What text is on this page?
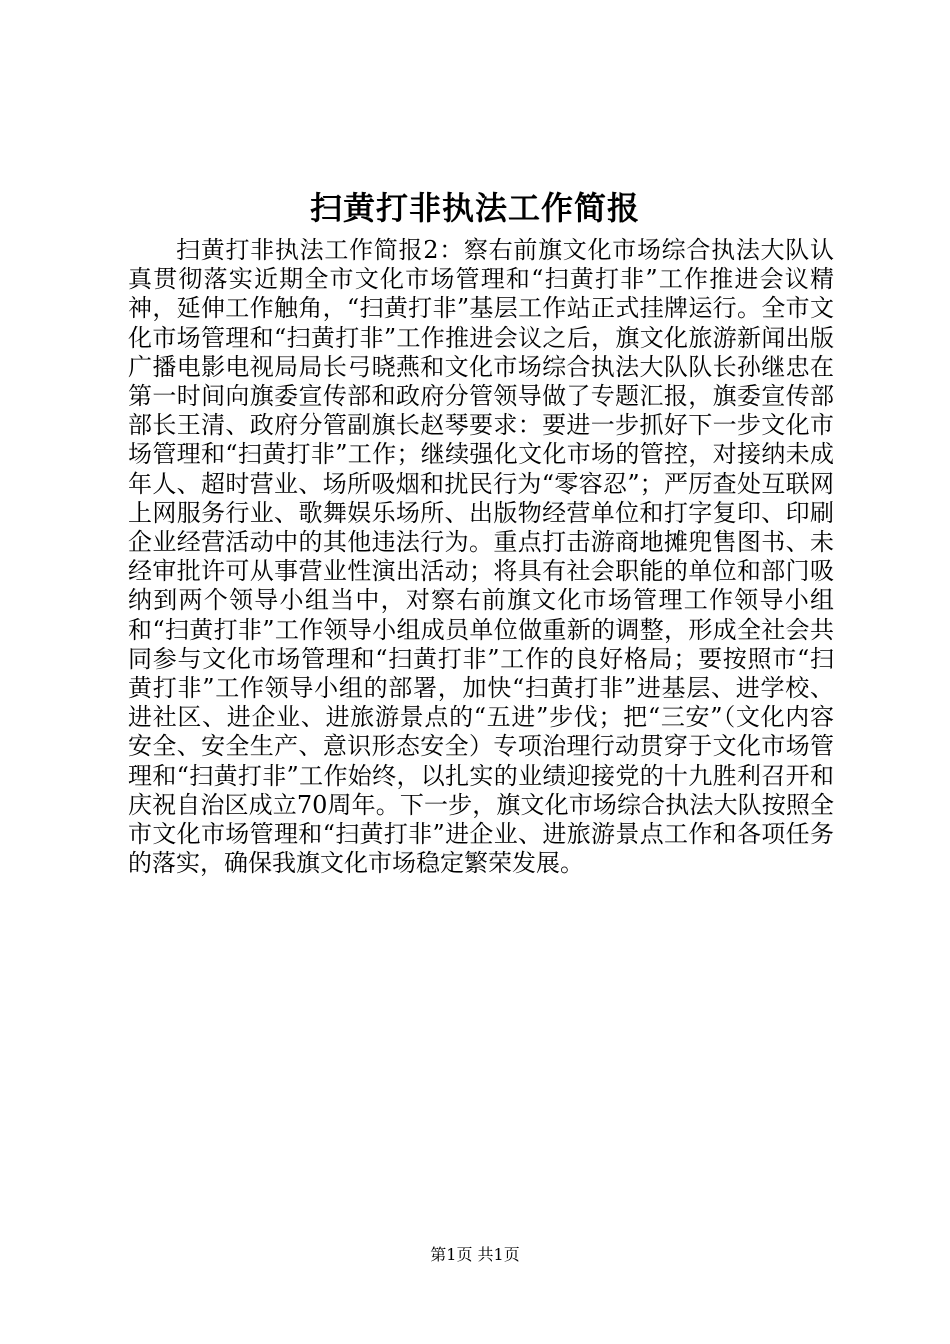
扫黄打非执法工作简报

扫黄打非执法工作简报2：察右前旗文化市场综合执法大队认真贯彻落实近期全市文化市场管理和“扫黄打非”工作推进会议精神，延伸工作触角，“扫黄打非”基层工作站正式挂牌运行。全市文化市场管理和“扫黄打非”工作推进会议之后，旗文化旅游新闻出版广播电影电视局局长弓晓燕和文化市场综合执法大队队长孙继忠在第一时间向旗委宣传部和政府分管领导做了专题汇报，旗委宣传部部长王清、政府分管副旗长赵琴要求：要进一步抓好下一步文化市场管理和“扫黄打非”工作；继续强化文化市场的管控，对接纳未成年人、超时营业、场所吸烟和扰民行为“零容忍”；严厉查处互联网上网服务行业、歌舞娱乐场所、出版物经营单位和打字复印、印刷企业经营活动中的其他违法行为。重点打击游商地摊兜售图书、未经审批许可从事营业性演出活动；将具有社会职能的单位和部门吸纳到两个领导小组当中，对察右前旗文化市场管理工作领导小组和“扫黄打非”工作领导小组成员单位做重新的调整，形成全社会共同参与文化市场管理和“扫黄打非”工作的良好格局；要按照市“扫黄打非”工作领导小组的部署，加快“扫黄打非”进基层、进学校、进社区、进企业、进旅游景点的“五进”步伐；把“三安”（文化内容安全、安全生产、意识形态安全）专项治理行动贯穿于文化市场管理和“扫黄打非”工作始终，以扎实的业绩迎接党的十九胜利召开和庆祝自治区成立70周年。下一步，旗文化市场综合执法大队按照全市文化市场管理和“扫黄打非”进企业、进旅游景点工作和各项任务的落实，确保我旗文化市场稳定繁荣发展。

第1页 共1页
